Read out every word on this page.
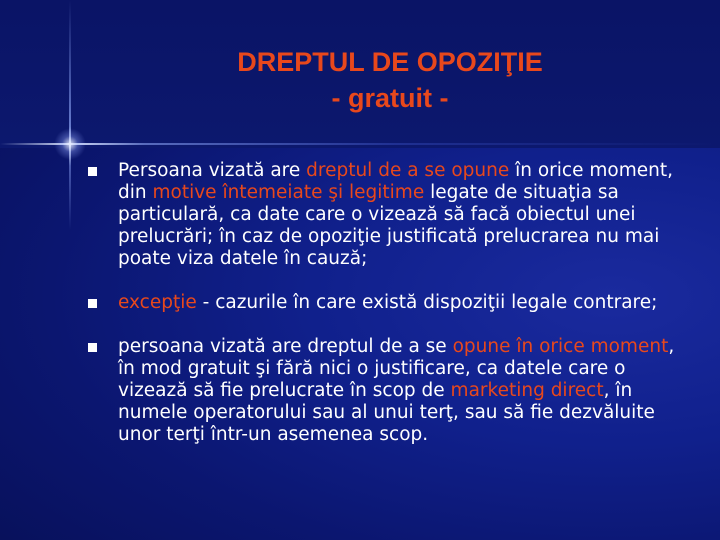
DREPTUL DE OPOZIŢIE
- gratuit -
Persoana vizată are dreptul de a se opune în orice moment, din motive întemeiate şi legitime legate de situaţia sa particulară, ca date care o vizează să facă obiectul unei prelucrări; în caz de opoziţie justificată prelucrarea nu mai poate viza datele în cauză;
excepţie - cazurile în care există dispoziţii legale contrare;
persoana vizată are dreptul de a se opune în orice moment, în mod gratuit şi fără nici o justificare, ca datele care o vizează să fie prelucrate în scop de marketing direct, în numele operatorului sau al unui terţ, sau să fie dezvăluite unor terţi într-un asemenea scop.
